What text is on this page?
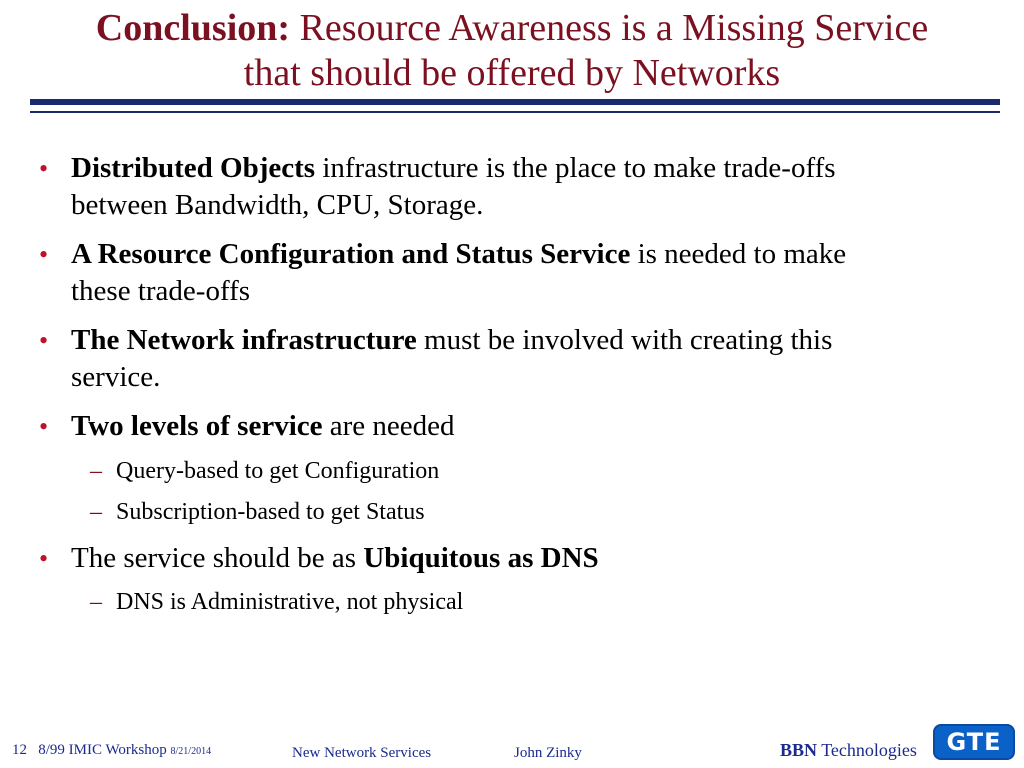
Conclusion: Resource Awareness is a Missing Service
that should be offered by Networks
• Distributed Objects infrastructure is the place to make trade-offs
between Bandwidth, CPU, Storage.
• A Resource Configuration and Status Service is needed to make
these trade-offs
• The Network infrastructure must be involved with creating this
service.
• Two levels of service are needed
– Query-based to get Configuration
– Subscription-based to get Status
• The service should be as Ubiquitous as DNS
– DNS is Administrative, not physical
12 8/99 IMIC Workshop 8/21/2014	New Network Services	John Zinky	BBN Technologies GTE
